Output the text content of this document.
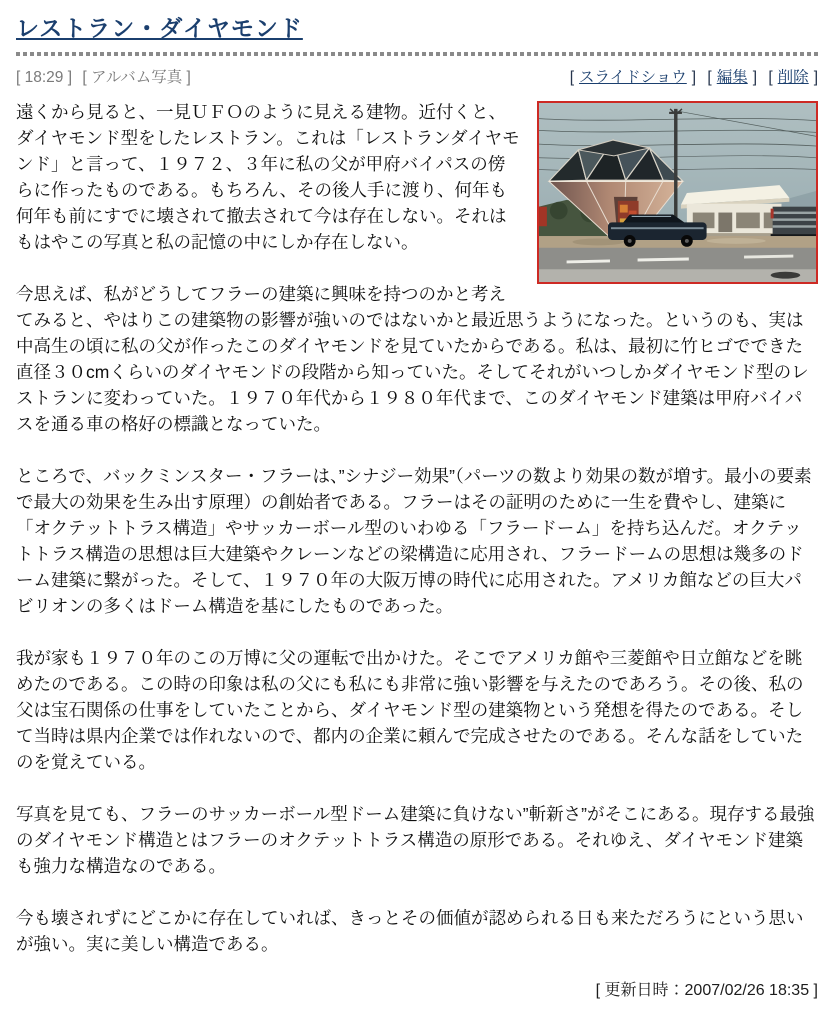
レストラン・ダイヤモンド
[ 18:29 ] [ アルバム写真 ]	[ スライドショウ ] [ 編集 ] [ 削除 ]

遠くから見ると、一見ＵＦＯのように見える建物。近付くと、ダイヤモンド型をしたレストラン。これは「レストランダイヤモンド」と言って、１９７２、３年に私の父が甲府バイパスの傍らに作ったものである。もちろん、その後人手に渡り、何年も何年も前にすでに壊されて撤去されて今は存在しない。それはもはやこの写真と私の記憶の中にしか存在しない。

今思えば、私がどうしてフラーの建築に興味を持つのかと考えてみると、やはりこの建築物の影響が強いのではないかと最近思うようになった。というのも、実は中高生の頃に私の父が作ったこのダイヤモンドを見ていたからである。私は、最初に竹ヒゴでできた直径３０cmくらいのダイヤモンドの段階から知っていた。そしてそれがいつしかダイヤモンド型のレストランに変わっていた。１９７０年代から１９８０年代まで、このダイヤモンド建築は甲府バイパスを通る車の格好の標識となっていた。

ところで、バックミンスター・フラーは、”シナジー効果”（パーツの数より効果の数が増す。最小の要素で最大の効果を生み出す原理）の創始者である。フラーはその証明のために一生を費やし、建築に「オクテットトラス構造」やサッカーボール型のいわゆる「フラードーム」を持ち込んだ。オクテットトラス構造の思想は巨大建築やクレーンなどの梁構造に応用され、フラードームの思想は幾多のドーム建築に繋がった。そして、１９７０年の大阪万博の時代に応用された。アメリカ館などの巨大パビリオンの多くはドーム構造を基にしたものであった。

我が家も１９７０年のこの万博に父の運転で出かけた。そこでアメリカ館や三菱館や日立館などを眺めたのである。この時の印象は私の父にも私にも非常に強い影響を与えたのであろう。その後、私の父は宝石関係の仕事をしていたことから、ダイヤモンド型の建築物という発想を得たのである。そして当時は県内企業では作れないので、都内の企業に頼んで完成させたのである。そんな話をしていたのを覚えている。

写真を見ても、フラーのサッカーボール型ドーム建築に負けない”斬新さ”がそこにある。現存する最強のダイヤモンド構造とはフラーのオクテットトラス構造の原形である。それゆえ、ダイヤモンド建築も強力な構造なのである。

今も壊されずにどこかに存在していれば、きっとその価値が認められる日も来ただろうにという思いが強い。実に美しい構造である。

[ 更新日時：2007/02/26 18:35 ]
